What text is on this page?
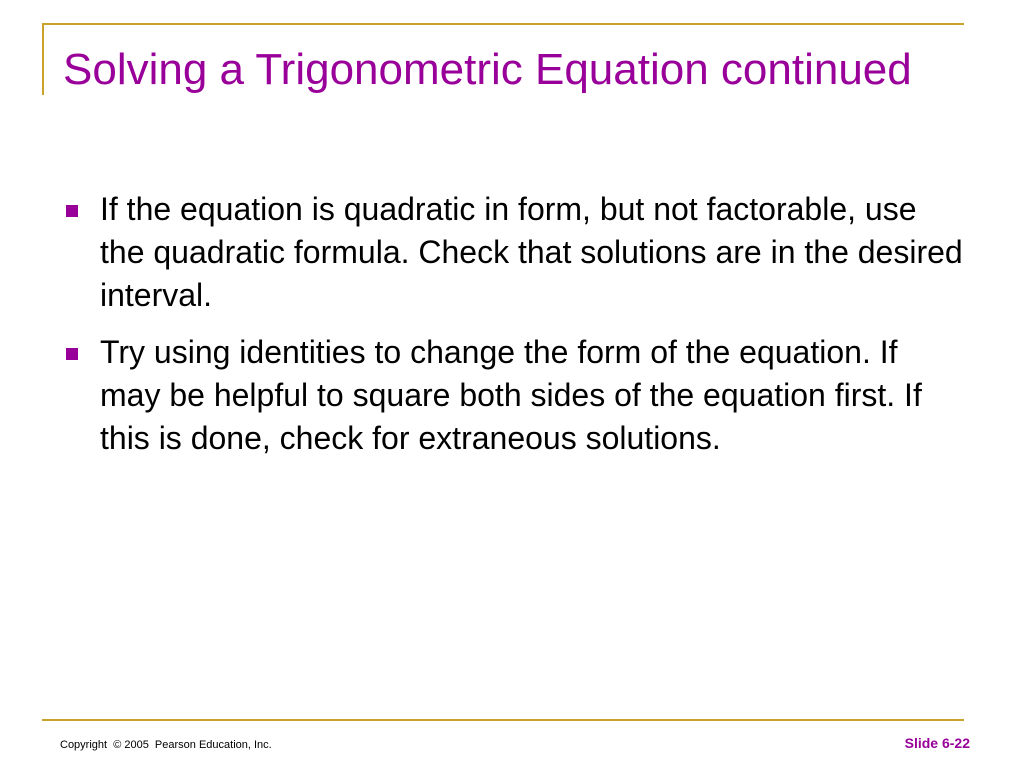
Solving a Trigonometric Equation continued
If the equation is quadratic in form, but not factorable, use the quadratic formula. Check that solutions are in the desired interval.
Try using identities to change the form of the equation. If may be helpful to square both sides of the equation first. If this is done, check for extraneous solutions.
Copyright  © 2005  Pearson Education, Inc.	Slide 6-22
